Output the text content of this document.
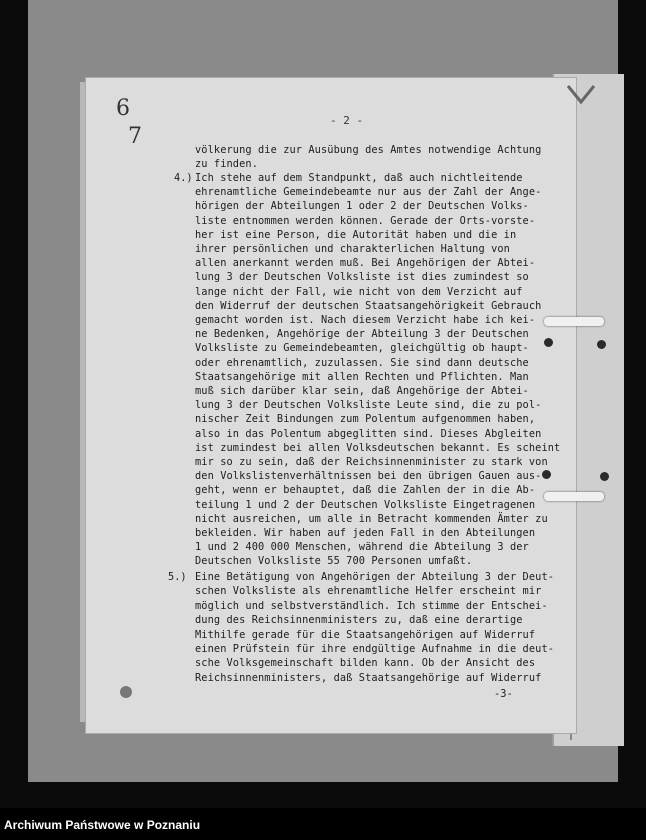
6
7
- 2 -
4.)
5.)
völkerung die zur Ausübung des Amtes notwendige Achtung
zu finden.
Ich stehe auf dem Standpunkt, daß auch nichtleitende
ehrenamtliche Gemeindebeamte nur aus der Zahl der Ange-
hörigen der Abteilungen 1 oder 2 der Deutschen Volks-
liste entnommen werden können. Gerade der Orts-vorste-
her ist eine Person, die Autorität haben und die in
ihrer persönlichen und charakterlichen Haltung von
allen anerkannt werden muß. Bei Angehörigen der Abtei-
lung 3 der Deutschen Volksliste ist dies zumindest so
lange nicht der Fall, wie nicht von dem Verzicht auf
den Widerruf der deutschen Staatsangehörigkeit Gebrauch
gemacht worden ist. Nach diesem Verzicht habe ich kei-
ne Bedenken, Angehörige der Abteilung 3 der Deutschen
Volksliste zu Gemeindebeamten, gleichgültig ob haupt-
oder ehrenamtlich, zuzulassen. Sie sind dann deutsche
Staatsangehörige mit allen Rechten und Pflichten. Man
muß sich darüber klar sein, daß Angehörige der Abtei-
lung 3 der Deutschen Volksliste Leute sind, die zu pol-
nischer Zeit Bindungen zum Polentum aufgenommen haben,
also in das Polentum abgeglitten sind. Dieses Abgleiten
ist zumindest bei allen Volksdeutschen bekannt. Es scheint
mir so zu sein, daß der Reichsinnenminister zu stark von
den Volkslistenverhältnissen bei den übrigen Gauen aus-
geht, wenn er behauptet, daß die Zahlen der in die Ab-
teilung 1 und 2 der Deutschen Volksliste Eingetragenen
nicht ausreichen, um alle in Betracht kommenden Ämter zu
bekleiden. Wir haben auf jeden Fall in den Abteilungen
1 und 2 400 000 Menschen, während die Abteilung 3 der
Deutschen Volksliste 55 700 Personen umfaßt.
Eine Betätigung von Angehörigen der Abteilung 3 der Deut-
schen Volksliste als ehrenamtliche Helfer erscheint mir
möglich und selbstverständlich. Ich stimme der Entschei-
dung des Reichsinnenministers zu, daß eine derartige
Mithilfe gerade für die Staatsangehörigen auf Widerruf
einen Prüfstein für ihre endgültige Aufnahme in die deut-
sche Volksgemeinschaft bilden kann. Ob der Ansicht des
Reichsinnenministers, daß Staatsangehörige auf Widerruf
-3-
Archiwum Państwowe w Poznaniu
